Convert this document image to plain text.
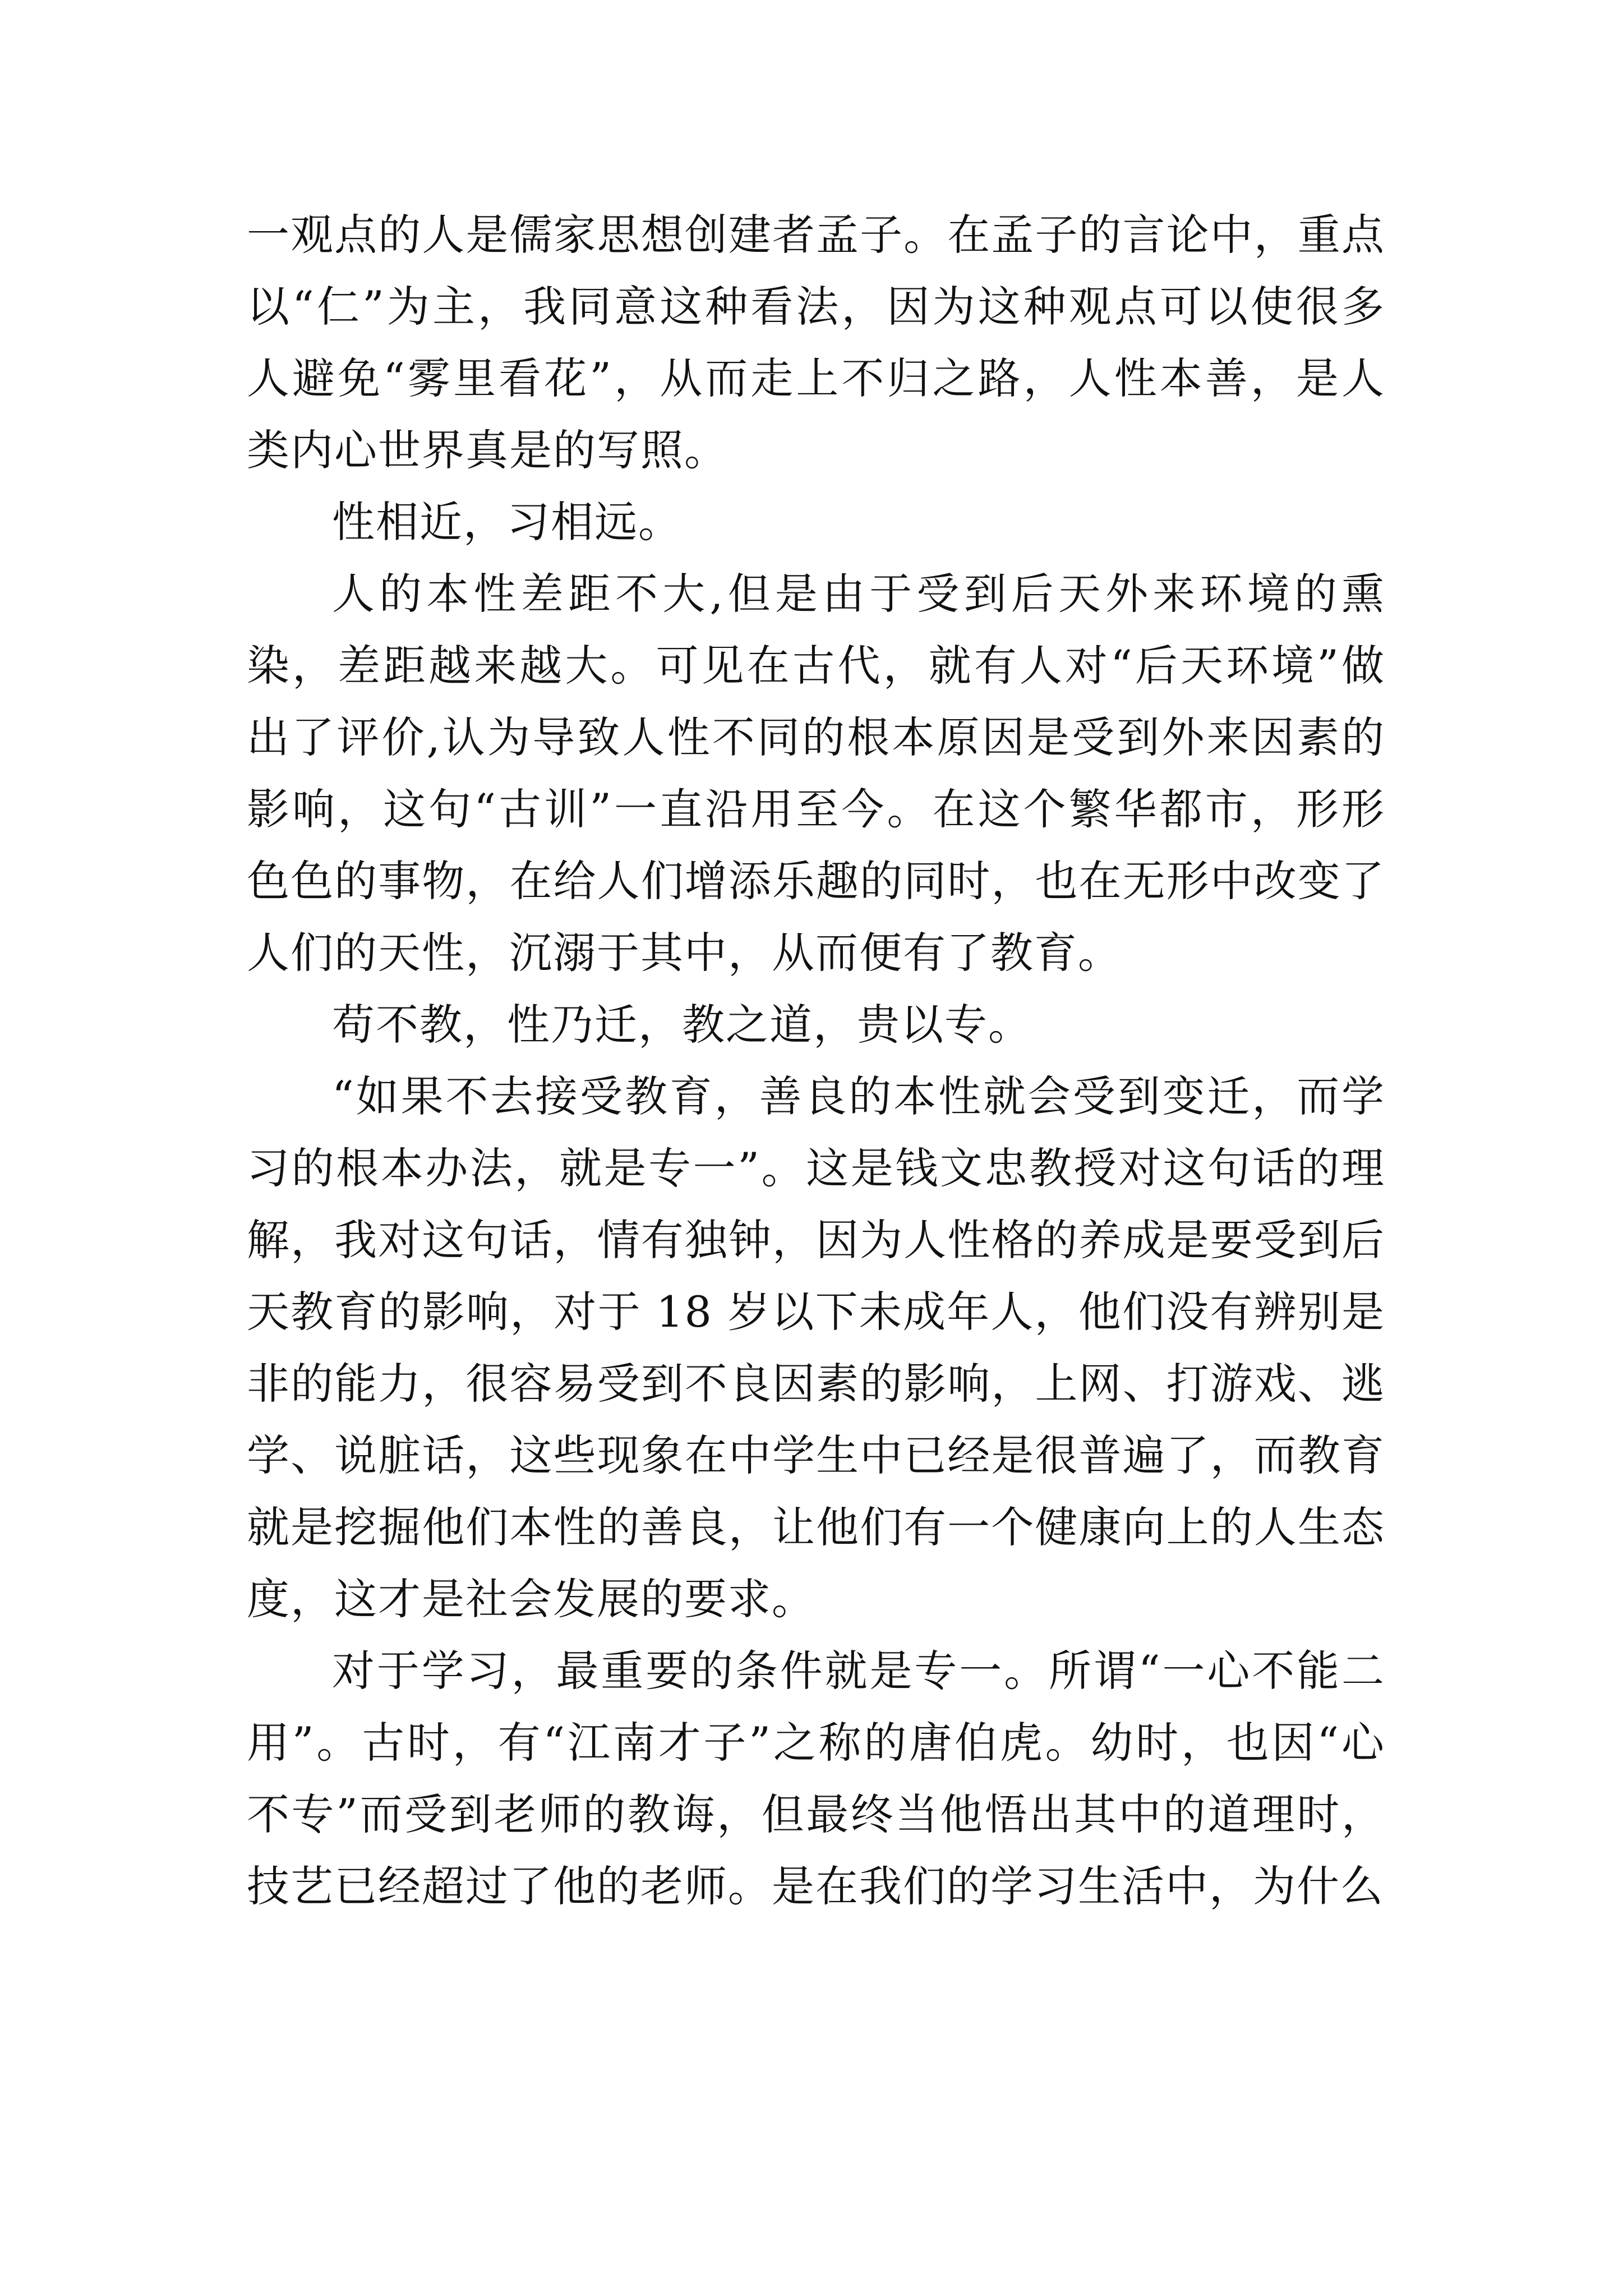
一观点的人是儒家思想创建者孟子。在孟子的言论中，重点以“仁”为主，我同意这种看法，因为这种观点可以使很多人避免“雾里看花”，从而走上不归之路，人性本善，是人类内心世界真是的写照。

性相近，习相远。

人的本性差距不大,但是由于受到后天外来环境的熏染，差距越来越大。可见在古代，就有人对“后天环境”做出了评价,认为导致人性不同的根本原因是受到外来因素的影响，这句“古训”一直沿用至今。在这个繁华都市，形形色色的事物，在给人们增添乐趣的同时，也在无形中改变了人们的天性，沉溺于其中，从而便有了教育。

苟不教，性乃迁，教之道，贵以专。

“如果不去接受教育，善良的本性就会受到变迁，而学习的根本办法，就是专一”。这是钱文忠教授对这句话的理解，我对这句话，情有独钟，因为人性格的养成是要受到后天教育的影响，对于 18 岁以下未成年人，他们没有辨别是非的能力，很容易受到不良因素的影响，上网、打游戏、逃学、说脏话，这些现象在中学生中已经是很普遍了，而教育就是挖掘他们本性的善良，让他们有一个健康向上的人生态度，这才是社会发展的要求。

对于学习，最重要的条件就是专一。所谓“一心不能二用”。古时，有“江南才子”之称的唐伯虎。幼时，也因“心不专”而受到老师的教诲，但最终当他悟出其中的道理时，技艺已经超过了他的老师。是在我们的学习生活中，为什么
